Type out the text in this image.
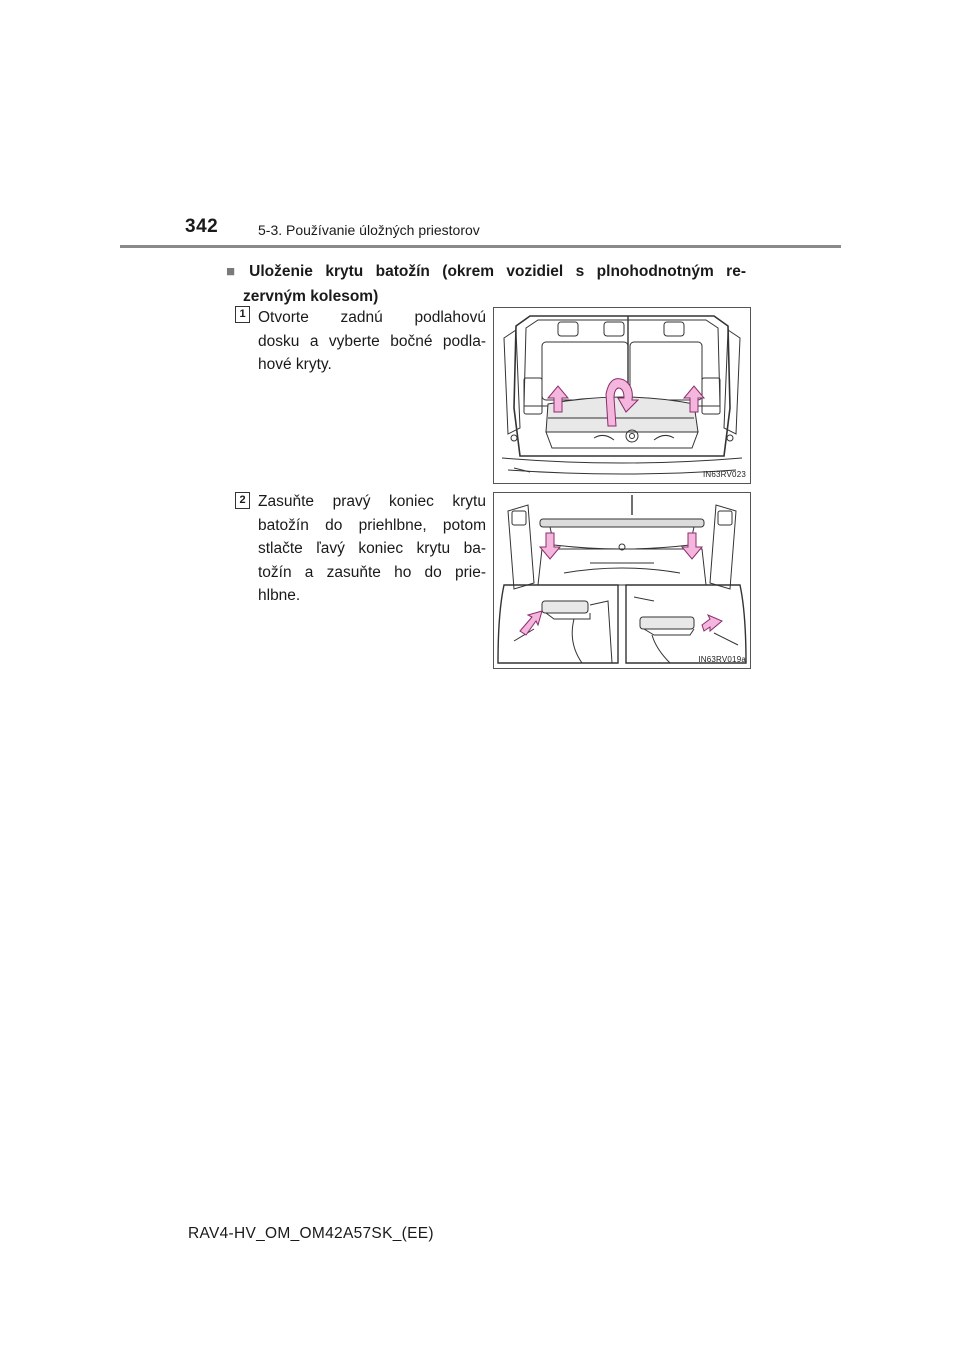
342	5-3. Používanie úložných priestorov
■ Uloženie krytu batožín (okrem vozidiel s plnohodnotným re-
zervným kolesom)
1 Otvorte zadnú podlahovú
dosku a vyberte bočné podla-
hové kryty.
IN63RV023
2 Zasuňte pravý koniec krytu
batožín do priehlbne, potom
stlačte ľavý koniec krytu ba-
tožín a zasuňte ho do prie-
hlbne.
IN63RV019a
RAV4-HV_OM_OM42A57SK_(EE)
